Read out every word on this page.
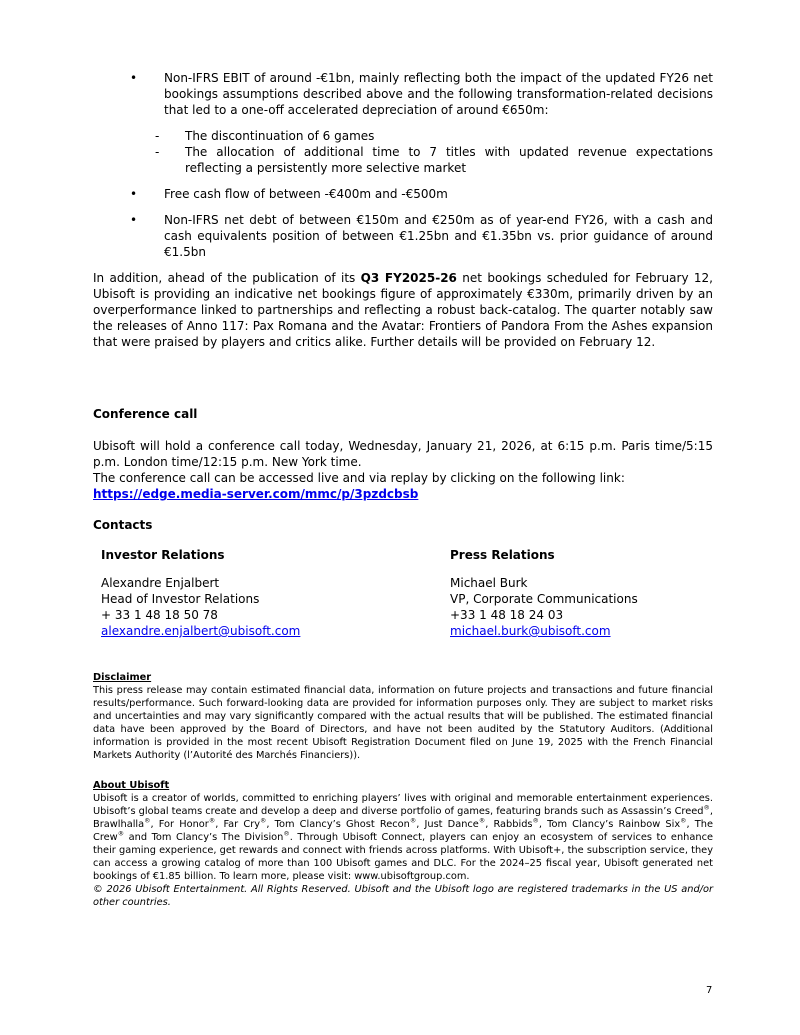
• Non-IFRS EBIT of around -€1bn, mainly reflecting both the impact of the updated FY26 net bookings assumptions described above and the following transformation-related decisions that led to a one-off accelerated depreciation of around €650m:
- The discontinuation of 6 games
- The allocation of additional time to 7 titles with updated revenue expectations reflecting a persistently more selective market
• Free cash flow of between -€400m and -€500m
• Non-IFRS net debt of between €150m and €250m as of year-end FY26, with a cash and cash equivalents position of between €1.25bn and €1.35bn vs. prior guidance of around €1.5bn

In addition, ahead of the publication of its Q3 FY2025-26 net bookings scheduled for February 12, Ubisoft is providing an indicative net bookings figure of approximately €330m, primarily driven by an overperformance linked to partnerships and reflecting a robust back-catalog. The quarter notably saw the releases of Anno 117: Pax Romana and the Avatar: Frontiers of Pandora From the Ashes expansion that were praised by players and critics alike. Further details will be provided on February 12.

Conference call

Ubisoft will hold a conference call today, Wednesday, January 21, 2026, at 6:15 p.m. Paris time/5:15 p.m. London time/12:15 p.m. New York time.
The conference call can be accessed live and via replay by clicking on the following link:
https://edge.media-server.com/mmc/p/3pzdcbsb

Contacts
Investor Relations
Alexandre Enjalbert
Head of Investor Relations
+ 33 1 48 18 50 78
alexandre.enjalbert@ubisoft.com
Press Relations
Michael Burk
VP, Corporate Communications
+33 1 48 18 24 03
michael.burk@ubisoft.com
Disclaimer

This press release may contain estimated financial data, information on future projects and transactions and future financial results/performance. Such forward-looking data are provided for information purposes only. They are subject to market risks and uncertainties and may vary significantly compared with the actual results that will be published. The estimated financial data have been approved by the Board of Directors, and have not been audited by the Statutory Auditors. (Additional information is provided in the most recent Ubisoft Registration Document filed on June 19, 2025 with the French Financial Markets Authority (l’Autorité des Marchés Financiers)).

About Ubisoft

Ubisoft is a creator of worlds, committed to enriching players’ lives with original and memorable entertainment experiences. Ubisoft’s global teams create and develop a deep and diverse portfolio of games, featuring brands such as Assassin’s Creed®, Brawlhalla®, For Honor®, Far Cry®, Tom Clancy’s Ghost Recon®, Just Dance®, Rabbids®, Tom Clancy’s Rainbow Six®, The Crew® and Tom Clancy’s The Division®. Through Ubisoft Connect, players can enjoy an ecosystem of services to enhance their gaming experience, get rewards and connect with friends across platforms. With Ubisoft+, the subscription service, they can access a growing catalog of more than 100 Ubisoft games and DLC. For the 2024–25 fiscal year, Ubisoft generated net bookings of €1.85 billion. To learn more, please visit: www.ubisoftgroup.com.

© 2026 Ubisoft Entertainment. All Rights Reserved. Ubisoft and the Ubisoft logo are registered trademarks in the US and/or other countries.

7
